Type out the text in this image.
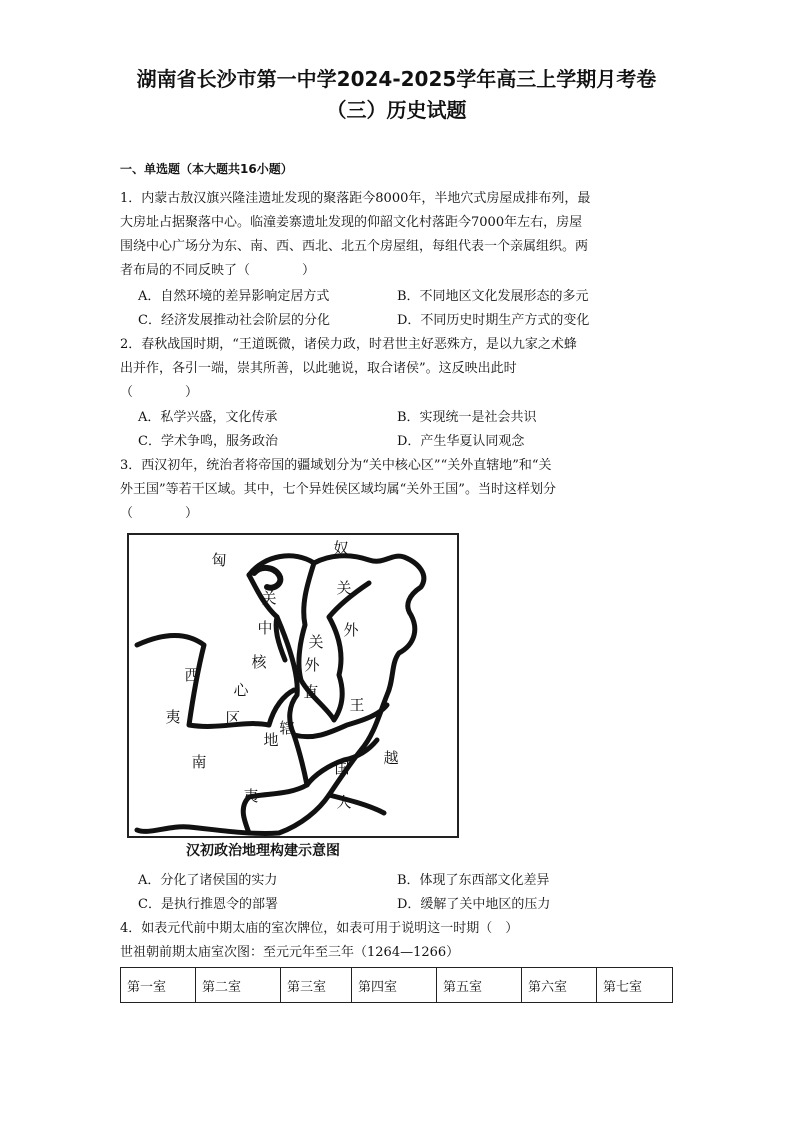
湖南省长沙市第一中学2024-2025学年高三上学期月考卷
（三）历史试题
一、单选题（本大题共16小题）
1．内蒙古敖汉旗兴隆洼遗址发现的聚落距今8000年，半地穴式房屋成排布列，最
大房址占据聚落中心。临潼姜寨遗址发现的仰韶文化村落距今7000年左右，房屋
围绕中心广场分为东、南、西、西北、北五个房屋组，每组代表一个亲属组织。两
者布局的不同反映了（　　　　）
A．自然环境的差异影响定居方式	B．不同地区文化发展形态的多元
C．经济发展推动社会阶层的分化	D．不同历史时期生产方式的变化
2．春秋战国时期，“王道既微，诸侯力政，时君世主好恶殊方，是以九家之术蜂
出并作，各引一端，崇其所善，以此驰说，取合诸侯”。这反映出此时
（　　　　）
A．私学兴盛，文化传承	B．实现统一是社会共识
C．学术争鸣，服务政治	D．产生华夏认同观念
3．西汉初年，统治者将帝国的疆域划分为“关中核心区”“关外直辖地”和“关
外王国”等若干区域。其中，七个异姓侯区域均属“关外王国”。当时这样划分
（　　　　）
匈
奴
关
关
中
核
心
区
关
外
直
辖
地
外
王
国
西
夷
南
夷
越
人
汉初政治地理构建示意图
A．分化了诸侯国的实力	B．体现了东西部文化差异
C．是执行推恩令的部署	D．缓解了关中地区的压力
4．如表元代前中期太庙的室次牌位，如表可用于说明这一时期（　）
世祖朝前期太庙室次图：至元元年至三年（1264—1266）
第一室	第二室	第三室	第四室	第五室	第六室	第七室
